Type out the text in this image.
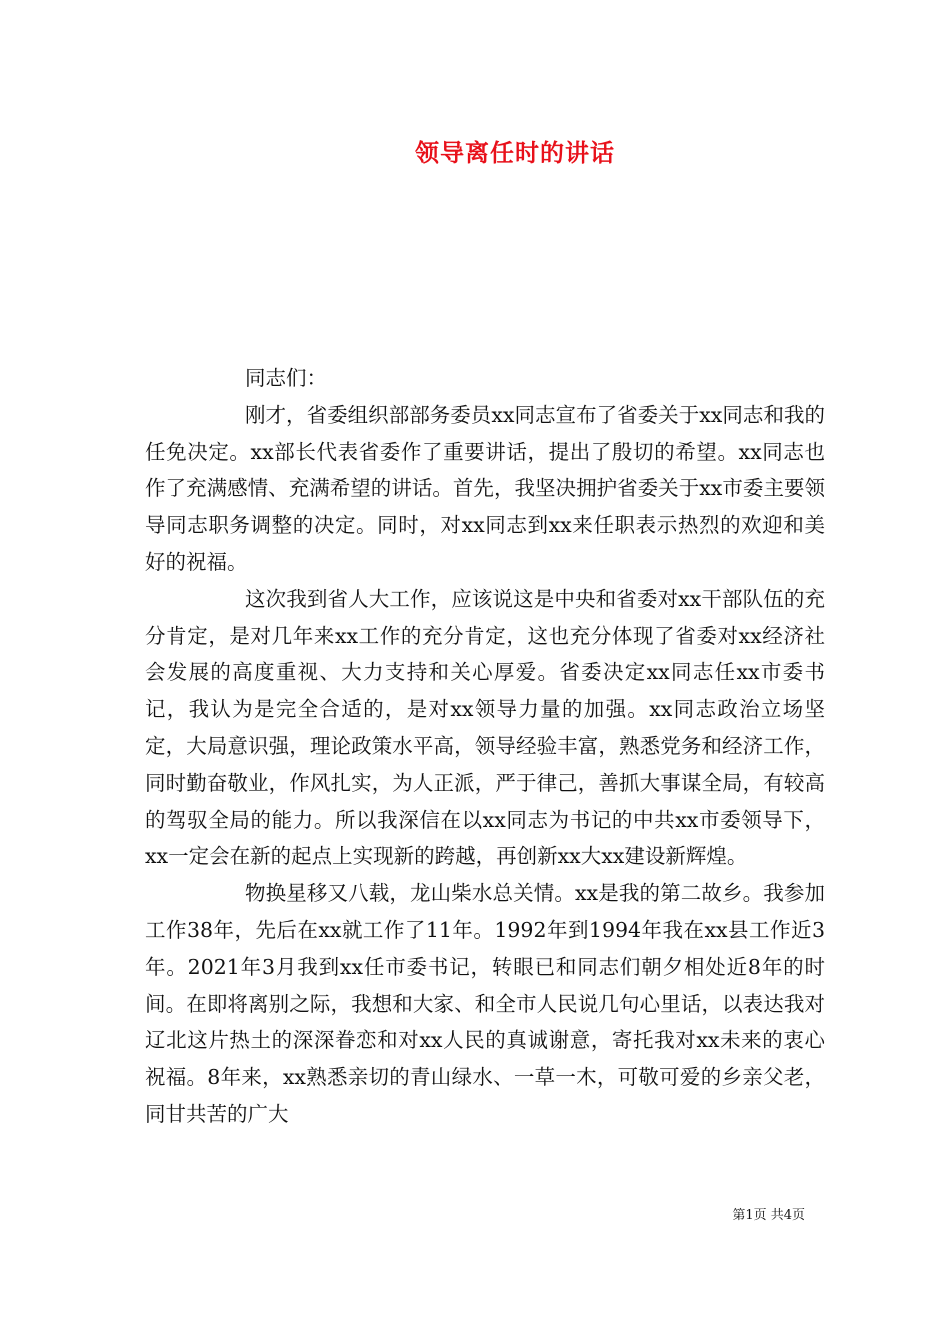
领导离任时的讲话

同志们：

刚才，省委组织部部务委员xx同志宣布了省委关于xx同志和我的任免决定。xx部长代表省委作了重要讲话，提出了殷切的希望。xx同志也作了充满感情、充满希望的讲话。首先，我坚决拥护省委关于xx市委主要领导同志职务调整的决定。同时，对xx同志到xx来任职表示热烈的欢迎和美好的祝福。

这次我到省人大工作，应该说这是中央和省委对xx干部队伍的充分肯定，是对几年来xx工作的充分肯定，这也充分体现了省委对xx经济社会发展的高度重视、大力支持和关心厚爱。省委决定xx同志任xx市委书记，我认为是完全合适的，是对xx领导力量的加强。xx同志政治立场坚定，大局意识强，理论政策水平高，领导经验丰富，熟悉党务和经济工作，同时勤奋敬业，作风扎实，为人正派，严于律己，善抓大事谋全局，有较高的驾驭全局的能力。所以我深信在以xx同志为书记的中共xx市委领导下，xx一定会在新的起点上实现新的跨越，再创新xx大xx建设新辉煌。

物换星移又八载，龙山柴水总关情。xx是我的第二故乡。我参加工作38年，先后在xx就工作了11年。1992年到1994年我在xx县工作近3年。2021年3月我到xx任市委书记，转眼已和同志们朝夕相处近8年的时间。在即将离别之际，我想和大家、和全市人民说几句心里话，以表达我对辽北这片热土的深深眷恋和对xx人民的真诚谢意，寄托我对xx未来的衷心祝福。8年来，xx熟悉亲切的青山绿水、一草一木，可敬可爱的乡亲父老，同甘共苦的广大

第1页 共4页
